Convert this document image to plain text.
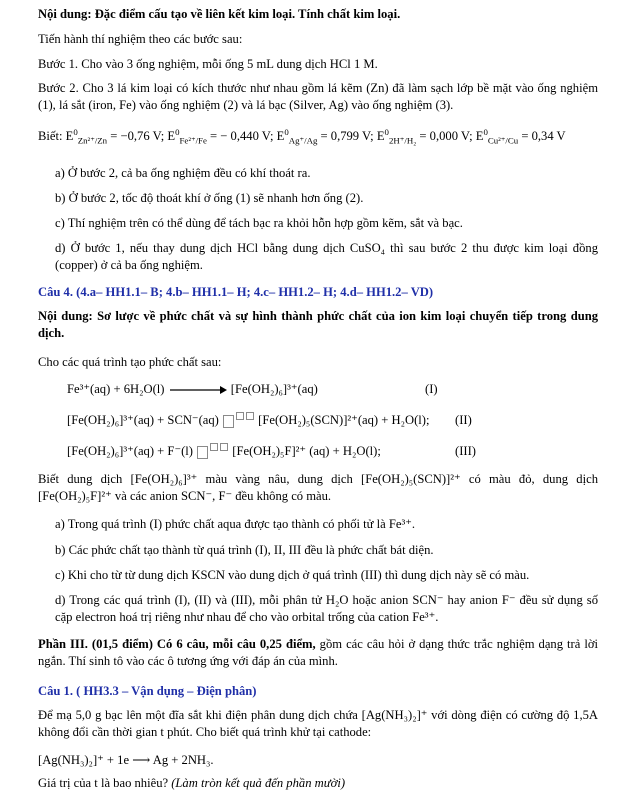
Nội dung: Đặc điểm cấu tạo về liên kết kim loại. Tính chất kim loại.
Tiến hành thí nghiệm theo các bước sau:
Bước 1. Cho vào 3 ống nghiệm, mỗi ống 5 mL dung dịch HCl 1 M.
Bước 2. Cho 3 lá kim loại có kích thước như nhau gồm lá kẽm (Zn) đã làm sạch lớp bề mặt vào ống nghiệm (1), lá sắt (iron, Fe) vào ống nghiệm (2) và lá bạc (Silver, Ag) vào ống nghiệm (3).
Biết: $E^0_{Zn^{2+}/Zn} = -0,76$ V; $E^0_{Fe^{2+}/Fe}$ = − 0,440 V; $E^0_{Ag^+/Ag} = 0,799$ V; $E^0_{2H^+/H_2} = 0,000$ V; $E^0_{Cu^{2+}/Cu} = 0,34$ V
a) Ở bước 2, cả ba ống nghiệm đều có khí thoát ra.
b) Ở bước 2, tốc độ thoát khí ở ống (1) sẽ nhanh hơn ống (2).
c) Thí nghiệm trên có thể dùng để tách bạc ra khỏi hỗn hợp gồm kẽm, sắt và bạc.
d) Ở bước 1, nếu thay dung dịch HCl bằng dung dịch CuSO₄ thì sau bước 2 thu được kim loại đồng (copper) ở cả ba ống nghiệm.
Câu 4. (4.a– HH1.1– B; 4.b– HH1.1– H; 4.c– HH1.2– H; 4.d– HH1.2– VD)
Nội dung: Sơ lược về phức chất và sự hình thành phức chất của ion kim loại chuyển tiếp trong dung dịch.
Cho các quá trình tạo phức chất sau:
Fe³⁺(aq) + 6H₂O(l)	[Fe(OH₂)₆]³⁺(aq)	(I)
[Fe(OH₂)₆]³⁺(aq) + SCN⁻(aq)	[Fe(OH₂)₅(SCN)]²⁺(aq) + H₂O(l); (II)
[Fe(OH₂)₆]³⁺(aq) + F⁻(l)	[Fe(OH₂)₅F]²⁺ (aq) + H₂O(l);	(III)
Biết dung dịch [Fe(OH₂)₆]³⁺ màu vàng nâu, dung dịch [Fe(OH₂)₅(SCN)]²⁺ có màu đỏ, dung dịch [Fe(OH₂)₅F]²⁺ và các anion SCN⁻, F⁻ đều không có màu.
a) Trong quá trình (I) phức chất aqua được tạo thành có phối tử là Fe³⁺.
b) Các phức chất tạo thành từ quá trình (I), II, III đều là phức chất bát diện.
c) Khi cho từ từ dung dịch KSCN vào dung dịch ở quá trình (III) thì dung dịch này sẽ có màu.
d) Trong các quá trình (I), (II) và (III), mỗi phân tử H₂O hoặc anion SCN⁻ hay anion F⁻ đều sử dụng số cặp electron hoá trị riêng như nhau để cho vào orbital trống của cation Fe³⁺.
Phần III. (01,5 điểm) Có 6 câu, mỗi câu 0,25 điểm, gồm các câu hỏi ở dạng thức trắc nghiệm dạng trả lời ngắn. Thí sinh tô vào các ô tương ứng với đáp án của mình.
Câu 1. ( HH3.3 – Vận dụng – Điện phân)
Để mạ 5,0 g bạc lên một đĩa sắt khi điện phân dung dịch chứa [Ag(NH₃)₂]⁺ với dòng điện có cường độ 1,5A không đổi cần thời gian t phút. Cho biết quá trình khử tại cathode:
[Ag(NH₃)₂]⁺ + 1e ⟶ Ag + 2NH₃.
Giá trị của t là bao nhiêu? (Làm tròn kết quả đến phần mười)
